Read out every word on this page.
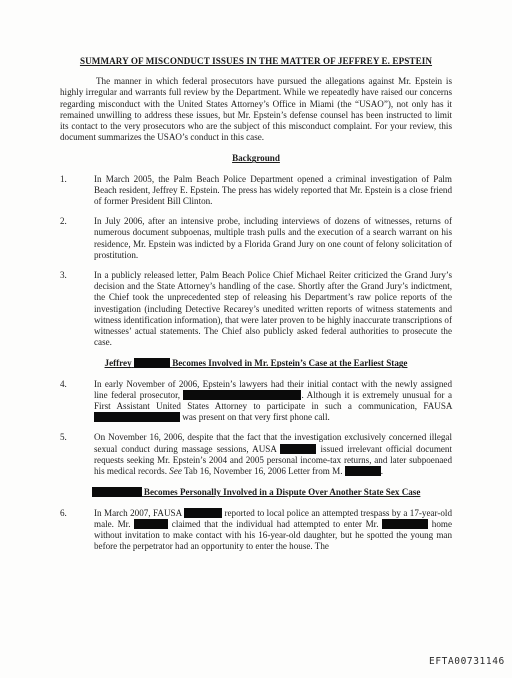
SUMMARY OF MISCONDUCT ISSUES IN THE MATTER OF JEFFREY E. EPSTEIN
The manner in which federal prosecutors have pursued the allegations against Mr. Epstein is highly irregular and warrants full review by the Department. While we repeatedly have raised our concerns regarding misconduct with the United States Attorney’s Office in Miami (the “USAO”), not only has it remained unwilling to address these issues, but Mr. Epstein’s defense counsel has been instructed to limit its contact to the very prosecutors who are the subject of this misconduct complaint. For your review, this document summarizes the USAO’s conduct in this case.
Background
1.	In March 2005, the Palm Beach Police Department opened a criminal investigation of Palm Beach resident, Jeffrey E. Epstein. The press has widely reported that Mr. Epstein is a close friend of former President Bill Clinton.
2.	In July 2006, after an intensive probe, including interviews of dozens of witnesses, returns of numerous document subpoenas, multiple trash pulls and the execution of a search warrant on his residence, Mr. Epstein was indicted by a Florida Grand Jury on one count of felony solicitation of prostitution.
3.	In a publicly released letter, Palm Beach Police Chief Michael Reiter criticized the Grand Jury’s decision and the State Attorney’s handling of the case. Shortly after the Grand Jury’s indictment, the Chief took the unprecedented step of releasing his Department’s raw police reports of the investigation (including Detective Recarey’s unedited written reports of witness statements and witness identification information), that were later proven to be highly inaccurate transcriptions of witnesses’ actual statements. The Chief also publicly asked federal authorities to prosecute the case.
Jeffrey	Becomes Involved in Mr. Epstein’s Case at the Earliest Stage
4.	In early November of 2006, Epstein’s lawyers had their initial contact with the newly assigned line federal prosecutor,	. Although it is extremely unusual for a First Assistant United States Attorney to participate in such a communication, FAUSA  was present on that very first phone call.
5.	On November 16, 2006, despite that the fact that the investigation exclusively concerned illegal sexual conduct during massage sessions, AUSA	issued irrelevant official document requests seeking Mr. Epstein’s 2004 and 2005 personal income-tax returns, and later subpoenaed his medical records. See Tab 16, November 16, 2006 Letter from M.	.
Becomes Personally Involved in a Dispute Over Another State Sex Case
6.	In March 2007, FAUSA	reported to local police an attempted trespass by a 17-year-old male. Mr.	claimed that the individual had attempted to enter Mr.	home without invitation to make contact with his 16-year-old daughter, but he spotted the young man before the perpetrator had an opportunity to enter the house. The
EFTA00731146
